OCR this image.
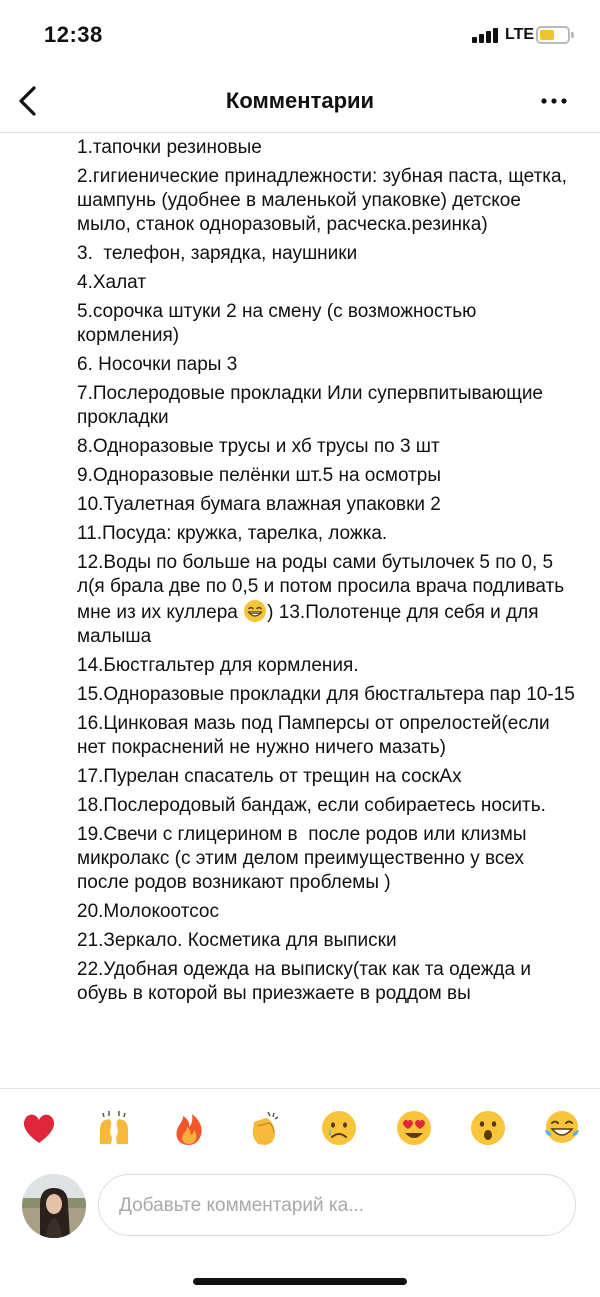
12:38	LTE
Комментарии
1.тапочки резиновые
2.гигиенические принадлежности: зубная паста, щетка, шампунь (удобнее в маленькой упаковке) детское мыло, станок одноразовый, расческа.резинка)
3.  телефон, зарядка, наушники
4.Халат
5.сорочка штуки 2 на смену (с возможностью кормления)
6. Носочки пары 3
7.Послеродовые прокладки Или супервпитывающие прокладки
8.Одноразовые трусы и хб трусы по 3 шт
9.Одноразовые пелёнки шт.5 на осмотры
10.Туалетная бумага влажная упаковки 2
11.Посуда: кружка, тарелка, ложка.
12.Воды по больше на роды сами бутылочек 5 по 0, 5 л(я брала две по 0,5 и потом просила врача подливать мне из их куллера ) 13.Полотенце для себя и для малыша
14.Бюстгальтер для кормления.
15.Одноразовые прокладки для бюстгальтера пар 10-15
16.Цинковая мазь под Памперсы от опрелостей(если нет покраснений не нужно ничего мазать)
17.Пурелан спасатель от трещин на соскАх
18.Послеродовый бандаж, если собираетесь носить.
19.Свечи с глицерином в  после родов или клизмы микролакс (с этим делом преимущественно у всех после родов возникают проблемы )
20.Молокоотсос
21.Зеркало. Косметика для выписки
22.Удобная одежда на выписку(так как та одежда и обувь в которой вы приезжаете в роддом вы
Добавьте комментарий ка...
